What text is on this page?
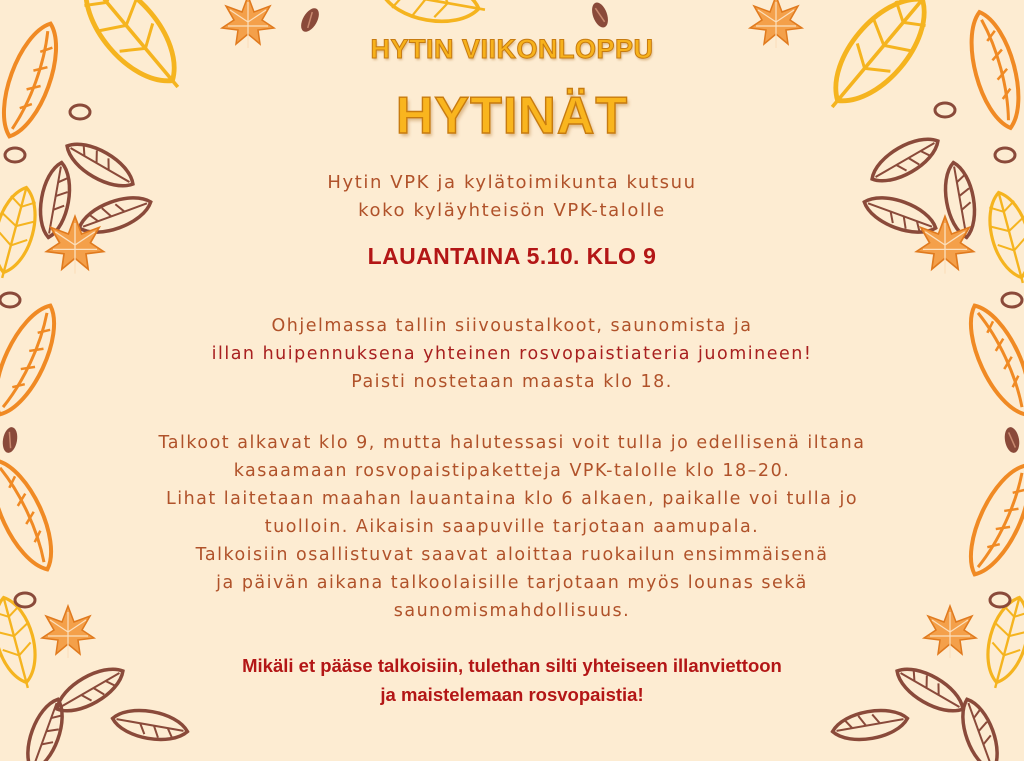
HYTIN VIIKONLOPPU
HYTINÄT
Hytin VPK ja kylätoimikunta kutsuu
koko kyläyhteisön VPK-talolle
LAUANTAINA 5.10. KLO 9
Ohjelmassa tallin siivoustalkoot, saunomista ja
illan huipennuksena yhteinen rosvopaistiateria juomineen!
Paisti nostetaan maasta klo 18.
Talkoot alkavat klo 9, mutta halutessasi voit tulla jo edellisenä iltana
kasaamaan rosvopaistipaketteja VPK-talolle klo 18–20.
Lihat laitetaan maahan lauantaina klo 6 alkaen, paikalle voi tulla jo
tuolloin. Aikaisin saapuville tarjotaan aamupala.
Talkoisiin osallistuvat saavat aloittaa ruokailun ensimmäisenä
ja päivän aikana talkoolaisille tarjotaan myös lounas sekä
saunomismahdollisuus.
Mikäli et pääse talkoisiin, tulethan silti yhteiseen illanviettoon
ja maistelemaan rosvopaistia!
